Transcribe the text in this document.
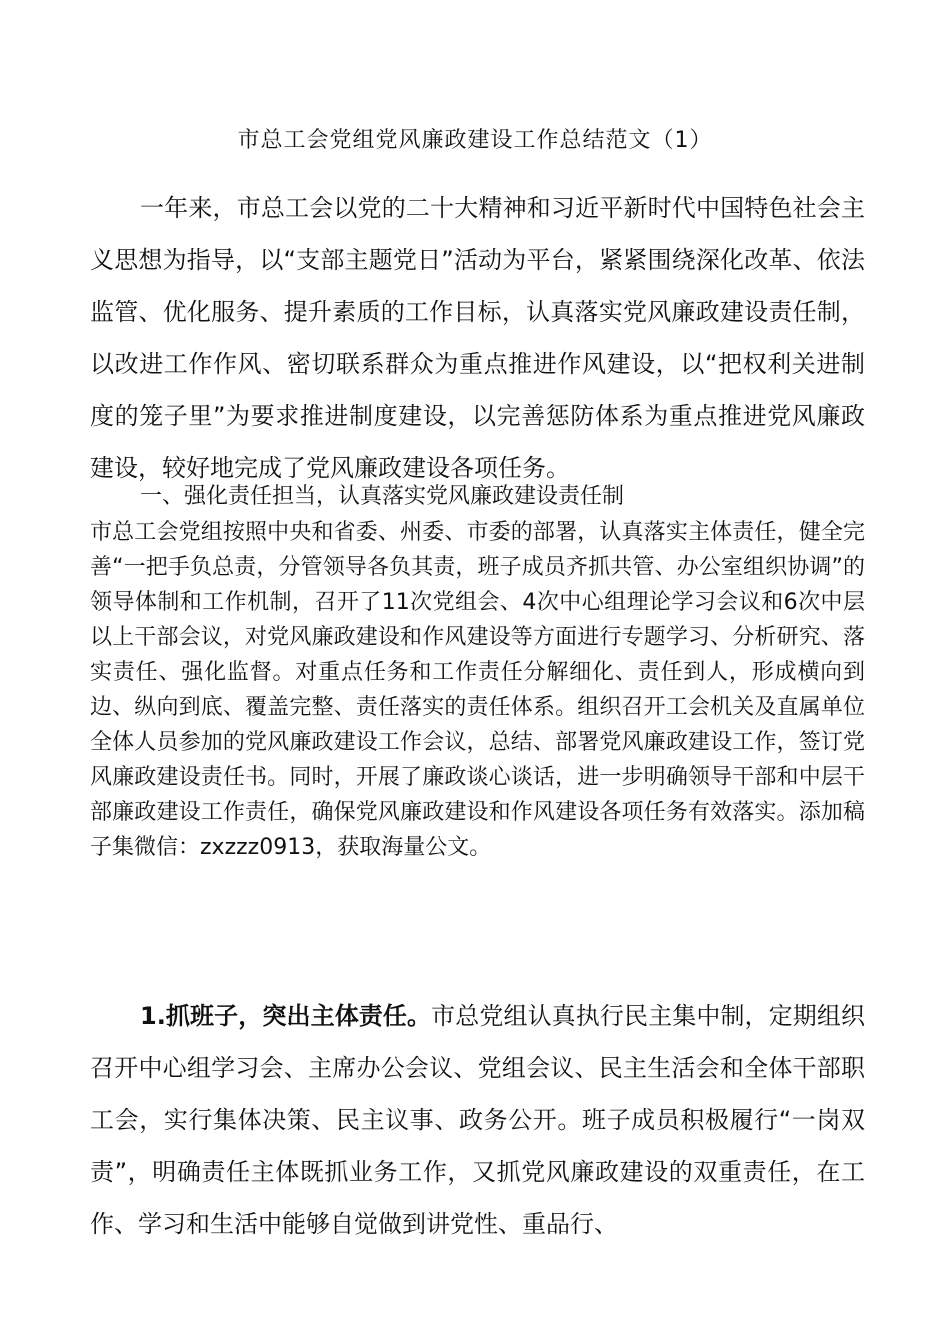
市总工会党组党风廉政建设工作总结范文（1）

一年来，市总工会以党的二十大精神和习近平新时代中国特色社会主义思想为指导，以“支部主题党日”活动为平台，紧紧围绕深化改革、依法监管、优化服务、提升素质的工作目标，认真落实党风廉政建设责任制，以改进工作作风、密切联系群众为重点推进作风建设，以“把权利关进制度的笼子里”为要求推进制度建设，以完善惩防体系为重点推进党风廉政建设，较好地完成了党风廉政建设各项任务。

一、强化责任担当，认真落实党风廉政建设责任制

市总工会党组按照中央和省委、州委、市委的部署，认真落实主体责任，健全完善“一把手负总责，分管领导各负其责，班子成员齐抓共管、办公室组织协调”的领导体制和工作机制，召开了11次党组会、4次中心组理论学习会议和6次中层以上干部会议，对党风廉政建设和作风建设等方面进行专题学习、分析研究、落实责任、强化监督。对重点任务和工作责任分解细化、责任到人，形成横向到边、纵向到底、覆盖完整、责任落实的责任体系。组织召开工会机关及直属单位全体人员参加的党风廉政建设工作会议，总结、部署党风廉政建设工作，签订党风廉政建设责任书。同时，开展了廉政谈心谈话，进一步明确领导干部和中层干部廉政建设工作责任，确保党风廉政建设和作风建设各项任务有效落实。添加稿子集微信：zxzzz0913，获取海量公文。

1.抓班子，突出主体责任。市总党组认真执行民主集中制，定期组织召开中心组学习会、主席办公会议、党组会议、民主生活会和全体干部职工会，实行集体决策、民主议事、政务公开。班子成员积极履行“一岗双责”，明确责任主体既抓业务工作，又抓党风廉政建设的双重责任，在工作、学习和生活中能够自觉做到讲党性、重品行、
